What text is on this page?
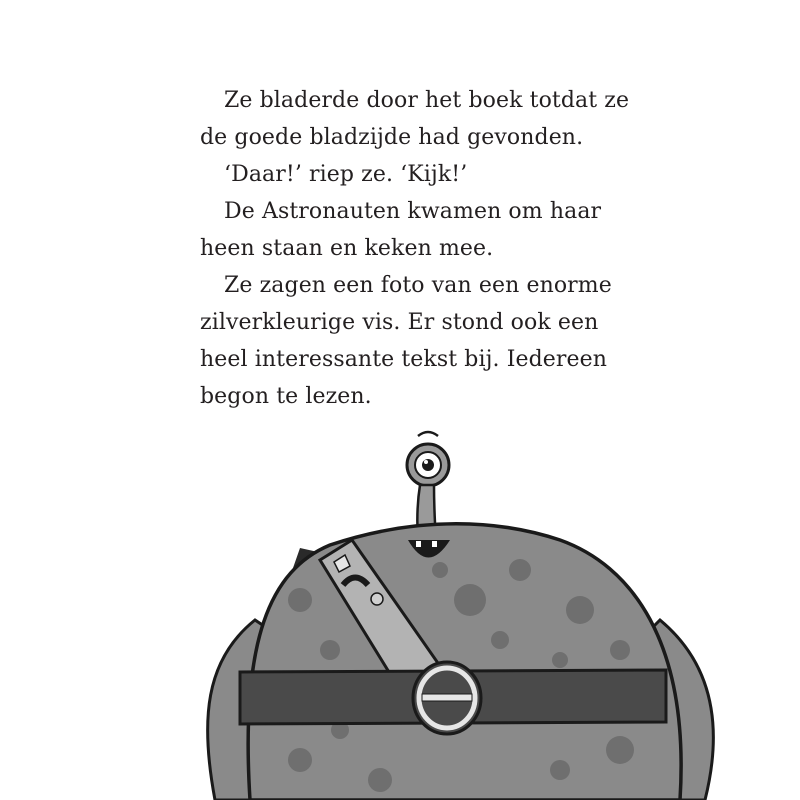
Ze bladerde door het boek totdat ze
de goede bladzijde had gevonden.
‘Daar!’ riep ze. ‘Kijk!’
De Astronauten kwamen om haar
heen staan en keken mee.
Ze zagen een foto van een enorme
zilverkleurige vis. Er stond ook een
heel interessante tekst bij. Iedereen
begon te lezen.
